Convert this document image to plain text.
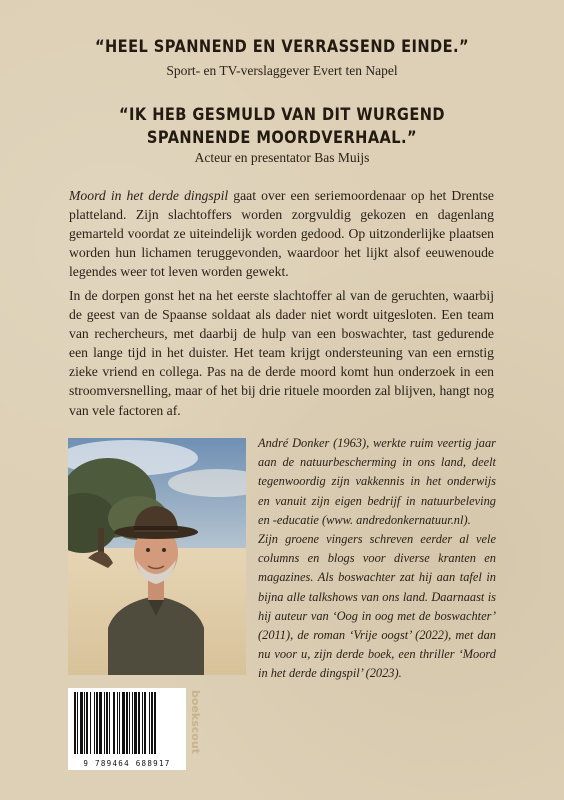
“HEEL SPANNEND EN VERRASSEND EINDE.”
Sport- en TV-verslaggever Evert ten Napel
“IK HEB GESMULD VAN DIT WURGEND SPANNENDE MOORDVERHAAL.”
Acteur en presentator Bas Muijs
Moord in het derde dingspil gaat over een seriemoordenaar op het Drentse platteland. Zijn slachtoffers worden zorgvuldig gekozen en dagenlang gemarteld voordat ze uiteindelijk worden gedood. Op uitzonderlijke plaatsen worden hun lichamen teruggevonden, waardoor het lijkt alsof eeuwenoude legendes weer tot leven worden gewekt.
In de dorpen gonst het na het eerste slachtoffer al van de geruchten, waarbij de geest van de Spaanse soldaat als dader niet wordt uitgesloten. Een team van rechercheurs, met daarbij de hulp van een boswachter, tast gedurende een lange tijd in het duister. Het team krijgt ondersteuning van een ernstig zieke vriend en collega. Pas na de derde moord komt hun onderzoek in een stroomversnelling, maar of het bij drie rituele moorden zal blijven, hangt nog van vele factoren af.

André Donker (1963), werkte ruim veertig jaar aan de natuurbescherming in ons land, deelt tegenwoordig zijn vakkennis in het onderwijs en vanuit zijn eigen bedrijf in natuurbeleving en -educatie (www. andredonkernatuur.nl).

Zijn groene vingers schreven eerder al vele columns en blogs voor diverse kranten en magazines. Als boswachter zat hij aan tafel in bijna alle talkshows van ons land. Daarnaast is hij auteur van ‘Oog in oog met de boswachter’ (2011), de roman ‘Vrije oogst’ (2022), met dan nu voor u, zijn derde boek, een thriller ‘Moord in het derde dingspil’ (2023).

9 789464 688917
boekscout
